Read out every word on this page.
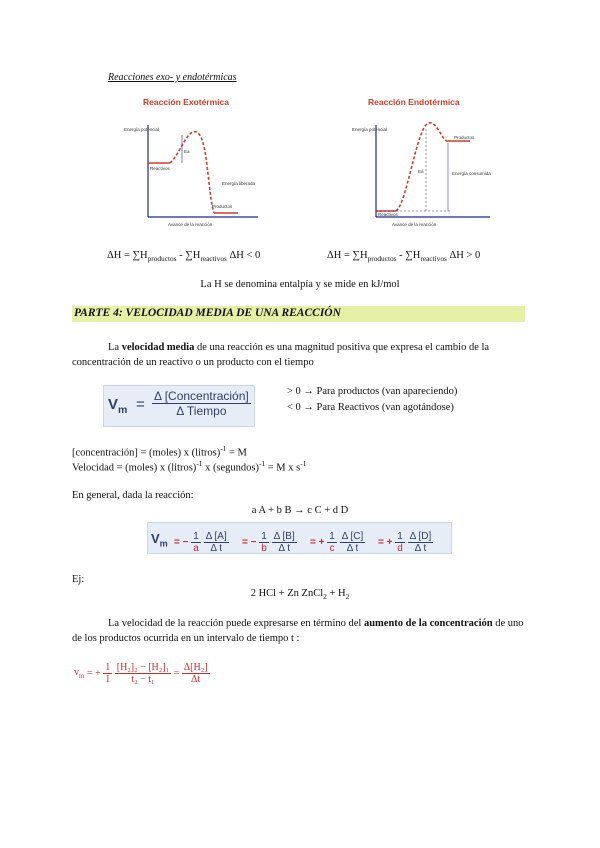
Reacciones exo- y endotérmicas
Reacción Exotérmica
Energía potencial
Reactivos
Ea
Energía liberada
Productos
Avance de la reacción
Reacción Endotérmica
Energía potencial
Reactivos
Productos
Ea	Energía consumida
Avance de la reacción
$\Delta H = \sum H_{productos} - \sum H_{reactivos}$ ΔH < 0	$\Delta H = \sum H_{productos} - \sum H_{reactivos}$ ΔH > 0
La H se denomina entalpía y se mide en kJ/mol
PARTE 4: VELOCIDAD MEDIA DE UNA REACCIÓN
La velocidad media de una reacción es una magnitud positiva que expresa el cambio de la concentración de un reactivo o un producto con el tiempo
$V_m = \Delta$ [Concentración]
Δ Tiempo
> 0 → Para productos (van apareciendo)
< 0 → Para Reactivos (van agotándose)
[concentración] = (moles) x (litros)$^{-1}$ = M
Velocidad = (moles) x (litros)$^{-1}$ x (segundos)$^{-1}$ = M x $s^{-1}$
En general, dada la reacción:
a A + b B → c C + d D
$V_m$ = − $\frac{1}{a}$
$\frac{\Delta [A]}{\text{Δ t}}$ = − $\frac{1}{b}$
$\frac{\Delta [B]}{\text{Δ t}}$ = + $\frac{1}{c}$
$\frac{\Delta [C]}{\text{Δ t}}$ = + $\frac{1}{d}$
$\frac{\Delta [D]}{\text{Δ t}}$
Ej:
2 HCl + Zn ZnCl$_2$ + $H_2$
La velocidad de la reacción puede expresarse en término del aumento de la concentración de uno de los productos ocurrida en un intervalo de tiempo t :
$v_m$ = + $\frac{1}{1}$
$\frac{\text{[H₂]₂ − [H₂]₁}}{\text{t₂ − t₁}} = \frac{\text{Δ[H₂]}}{\Delta t}$
